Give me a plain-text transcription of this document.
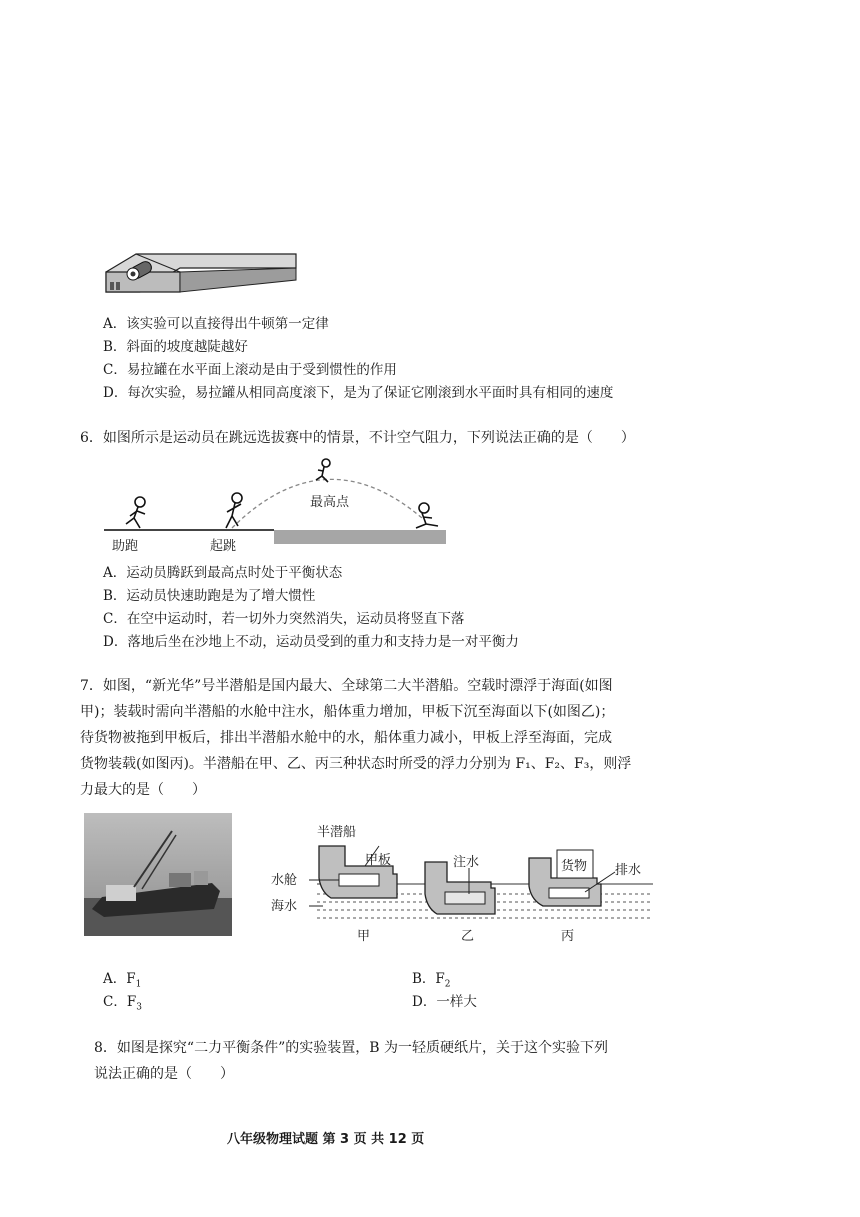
A．该实验可以直接得出牛顿第一定律
B．斜面的坡度越陡越好
C．易拉罐在水平面上滚动是由于受到惯性的作用
D．每次实验，易拉罐从相同高度滚下，是为了保证它刚滚到水平面时具有相同的速度
6．如图所示是运动员在跳远选拔赛中的情景，不计空气阻力，下列说法正确的是（　　）
最高点
助跑	起跳
A．运动员腾跃到最高点时处于平衡状态
B．运动员快速助跑是为了增大惯性
C．在空中运动时，若一切外力突然消失，运动员将竖直下落
D．落地后坐在沙地上不动，运动员受到的重力和支持力是一对平衡力
7．如图，“新光华”号半潜船是国内最大、全球第二大半潜船。空载时漂浮于海面(如图
甲)；装载时需向半潜船的水舱中注水，船体重力增加，甲板下沉至海面以下(如图乙)；
待货物被拖到甲板后，排出半潜船水舱中的水，船体重力减小，甲板上浮至海面，完成
货物装载(如图丙)。半潜船在甲、乙、丙三种状态时所受的浮力分别为 F₁、F₂、F₃，则浮
力最大的是（　　）
半潜船
甲板
水舱
海水
注水	货物 排水
甲	乙	丙
A．$F_1$	B．$F_2$
C．$F_3$	D．一样大
8．如图是探究“二力平衡条件”的实验装置，B 为一轻质硬纸片，关于这个实验下列
说法正确的是（　　）
八年级物理试题 第 3 页 共 12 页
